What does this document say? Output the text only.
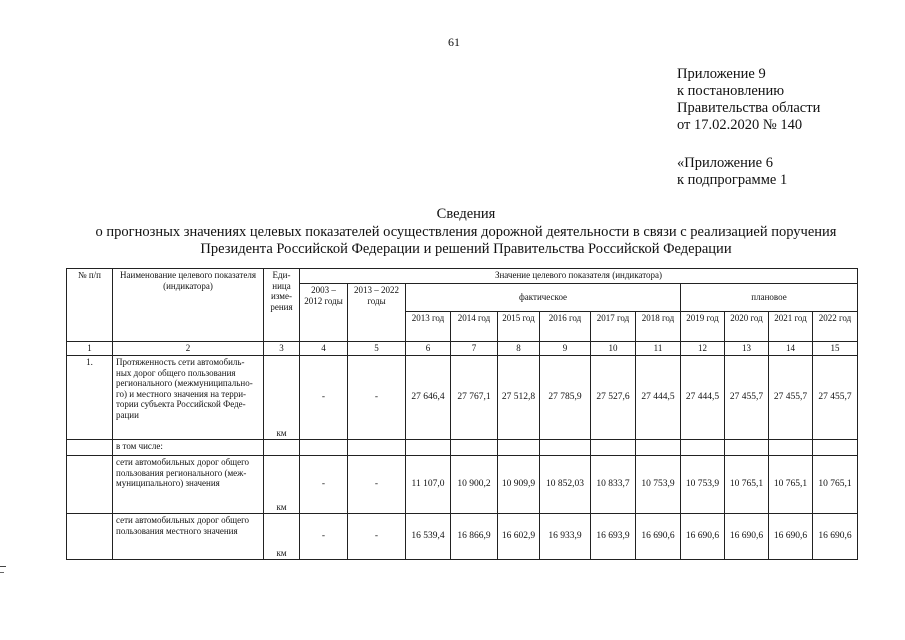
61
Приложение 9
к постановлению
Правительства области
от 17.02.2020 № 140
«Приложение 6
к подпрограмме 1
Сведения
о прогнозных значениях целевых показателей осуществления дорожной деятельности в связи с реализацией поручения
Президента Российской Федерации и решений Правительства Российской Федерации
№ п/п	Наименование целевого показателя (индикатора)	Еди- ница изме- рения	Значение целевого показателя (индикатора)											
			2003 – 2012 годы	2013 – 2022 годы	фактическое						плановое			
					2013 год	2014 год	2015 год	2016 год	2017 год	2018 год	2019 год	2020 год	2021 год	2022 год
1	2	3	4	5	6	7	8	9	10	11	12	13	14	15
1.	Протяженность сети автомобиль- ных дорог общего пользования регионального (межмуниципально- го) и местного значения на терри- тории субъекта Российской Феде- рации	км	-	-	27 646,4	27 767,1	27 512,8	27 785,9	27 527,6	27 444,5	27 444,5	27 455,7	27 455,7	27 455,7
	в том числе:													
	сети автомобильных дорог общего пользования регионального (меж- муниципального) значения	км	-	-	11 107,0	10 900,2	10 909,9	10 852,03	10 833,7	10 753,9	10 753,9	10 765,1	10 765,1	10 765,1
	сети автомобильных дорог общего пользования местного значения	км	-	-	16 539,4	16 866,9	16 602,9	16 933,9	16 693,9	16 690,6	16 690,6	16 690,6	16 690,6	16 690,6
